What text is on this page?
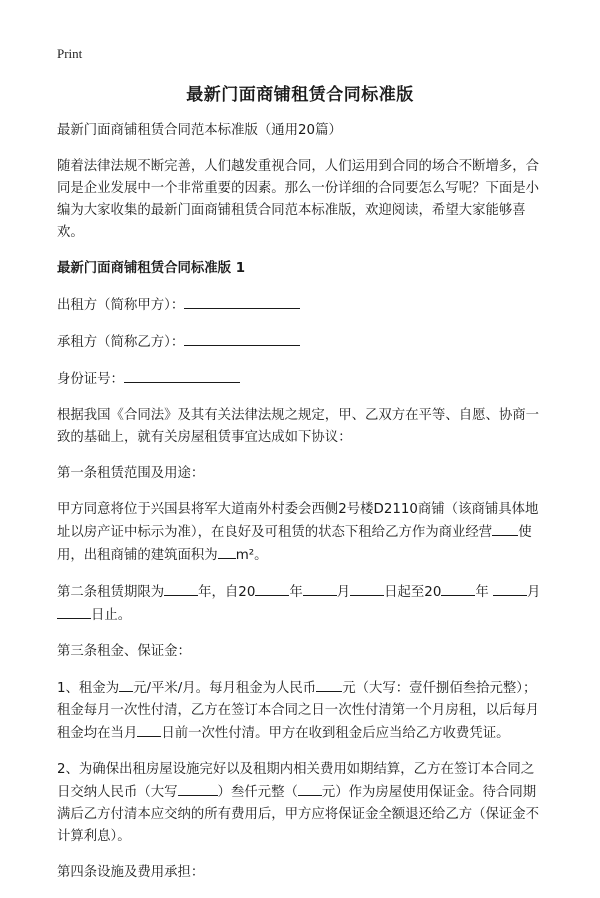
Print
最新门面商铺租赁合同标准版

最新门面商铺租赁合同范本标准版（通用20篇）

随着法律法规不断完善，人们越发重视合同，人们运用到合同的场合不断增多，合同是企业发展中一个非常重要的因素。那么一份详细的合同要怎么写呢？下面是小编为大家收集的最新门面商铺租赁合同范本标准版，欢迎阅读，希望大家能够喜欢。

最新门面商铺租赁合同标准版 1

出租方（简称甲方）：
承租方（简称乙方）：
身份证号：

根据我国《合同法》及其有关法律法规之规定，甲、乙双方在平等、自愿、协商一致的基础上，就有关房屋租赁事宜达成如下协议：

第一条租赁范围及用途：

甲方同意将位于兴国县将军大道南外村委会西侧2号楼D2110商铺（该商铺具体地址以房产证中标示为准），在良好及可租赁的状态下租给乙方作为商业经营 使用，出租商铺的建筑面积为 m²。

第二条租赁期限为	年，自20	年	月	日起至20	年	月日止。

第三条租金、保证金：

1、租金为 元/平米/月。每月租金为人民币 元（大写：壹仟捌佰叁拾元整）；租金每月一次性付清，乙方在签订本合同之日一次性付清第一个月房租，以后每月租金均在当月 日前一次性付清。甲方在收到租金后应当给乙方收费凭证。

2、为确保出租房屋设施完好以及租期内相关费用如期结算，乙方在签订本合同之日交纳人民币（大写	）叁仟元整（ 元）作为房屋使用保证金。待合同期满后乙方付清本应交纳的所有费用后，甲方应将保证金全额退还给乙方（保证金不计算利息）。

第四条设施及费用承担：
